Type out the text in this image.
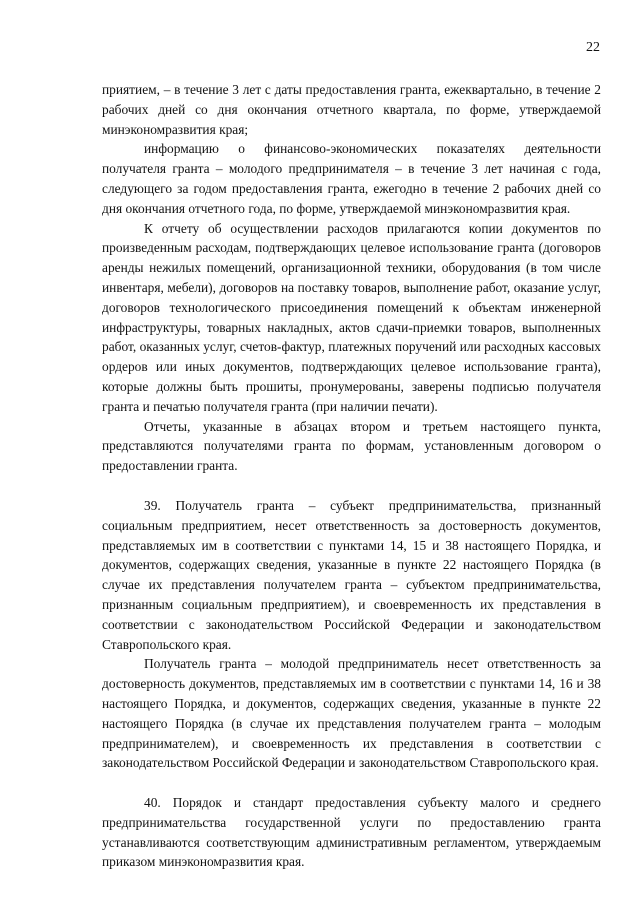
22

приятием, – в течение 3 лет с даты предоставления гранта, ежеквартально, в течение 2 рабочих дней со дня окончания отчетного квартала, по форме, утверждаемой минэкономразвития края;

информацию о финансово-экономических показателях деятельности получателя гранта – молодого предпринимателя – в течение 3 лет начиная с года, следующего за годом предоставления гранта, ежегодно в течение 2 рабочих дней со дня окончания отчетного года, по форме, утверждаемой минэкономразвития края.

К отчету об осуществлении расходов прилагаются копии документов по произведенным расходам, подтверждающих целевое использование гранта (договоров аренды нежилых помещений, организационной техники, оборудования (в том числе инвентаря, мебели), договоров на поставку товаров, выполнение работ, оказание услуг, договоров технологического присоединения помещений к объектам инженерной инфраструктуры, товарных накладных, актов сдачи-приемки товаров, выполненных работ, оказанных услуг, счетов-фактур, платежных поручений или расходных кассовых ордеров или иных документов, подтверждающих целевое использование гранта), которые должны быть прошиты, пронумерованы, заверены подписью получателя гранта и печатью получателя гранта (при наличии печати).

Отчеты, указанные в абзацах втором и третьем настоящего пункта, представляются получателями гранта по формам, установленным договором о предоставлении гранта.

39. Получатель гранта – субъект предпринимательства, признанный социальным предприятием, несет ответственность за достоверность документов, представляемых им в соответствии с пунктами 14, 15 и 38 настоящего Порядка, и документов, содержащих сведения, указанные в пункте 22 настоящего Порядка (в случае их представления получателем гранта – субъектом предпринимательства, признанным социальным предприятием), и своевременность их представления в соответствии с законодательством Российской Федерации и законодательством Ставропольского края.

Получатель гранта – молодой предприниматель несет ответственность за достоверность документов, представляемых им в соответствии с пунктами 14, 16 и 38 настоящего Порядка, и документов, содержащих сведения, указанные в пункте 22 настоящего Порядка (в случае их представления получателем гранта – молодым предпринимателем), и своевременность их представления в соответствии с законодательством Российской Федерации и законодательством Ставропольского края.

40. Порядок и стандарт предоставления субъекту малого и среднего предпринимательства государственной услуги по предоставлению гранта устанавливаются соответствующим административным регламентом, утверждаемым приказом минэкономразвития края.
